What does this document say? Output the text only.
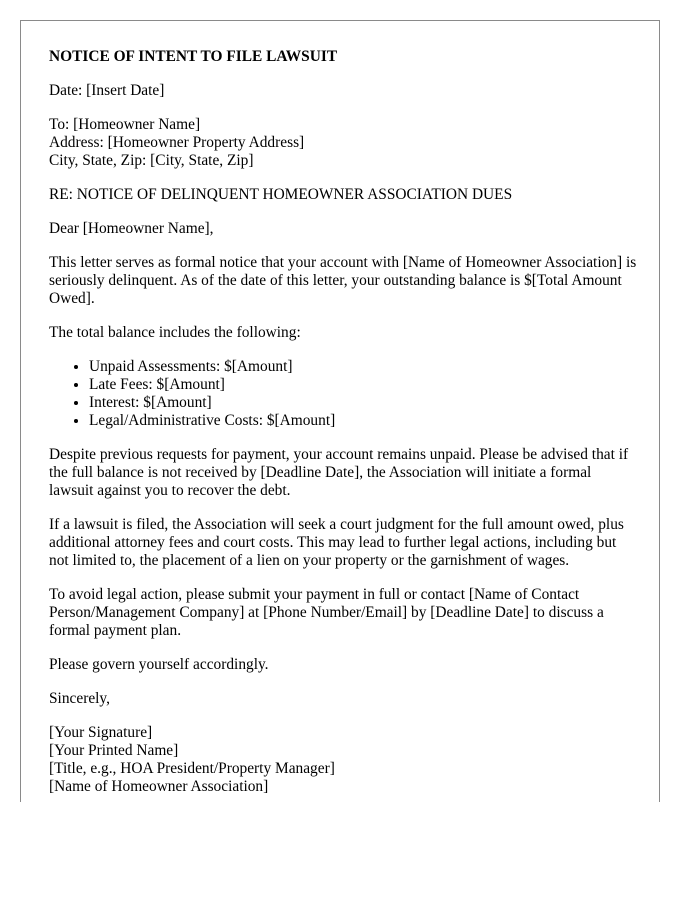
NOTICE OF INTENT TO FILE LAWSUIT

Date: [Insert Date]

To: [Homeowner Name]
Address: [Homeowner Property Address]
City, State, Zip: [City, State, Zip]

RE: NOTICE OF DELINQUENT HOMEOWNER ASSOCIATION DUES

Dear [Homeowner Name],

This letter serves as formal notice that your account with [Name of Homeowner Association] is seriously delinquent. As of the date of this letter, your outstanding balance is $[Total Amount Owed].

The total balance includes the following:

• Unpaid Assessments: $[Amount]
• Late Fees: $[Amount]
• Interest: $[Amount]
• Legal/Administrative Costs: $[Amount]

Despite previous requests for payment, your account remains unpaid. Please be advised that if the full balance is not received by [Deadline Date], the Association will initiate a formal lawsuit against you to recover the debt.

If a lawsuit is filed, the Association will seek a court judgment for the full amount owed, plus additional attorney fees and court costs. This may lead to further legal actions, including but not limited to, the placement of a lien on your property or the garnishment of wages.

To avoid legal action, please submit your payment in full or contact [Name of Contact Person/Management Company] at [Phone Number/Email] by [Deadline Date] to discuss a formal payment plan.

Please govern yourself accordingly.

Sincerely,

[Your Signature]
[Your Printed Name]
[Title, e.g., HOA President/Property Manager]
[Name of Homeowner Association]
